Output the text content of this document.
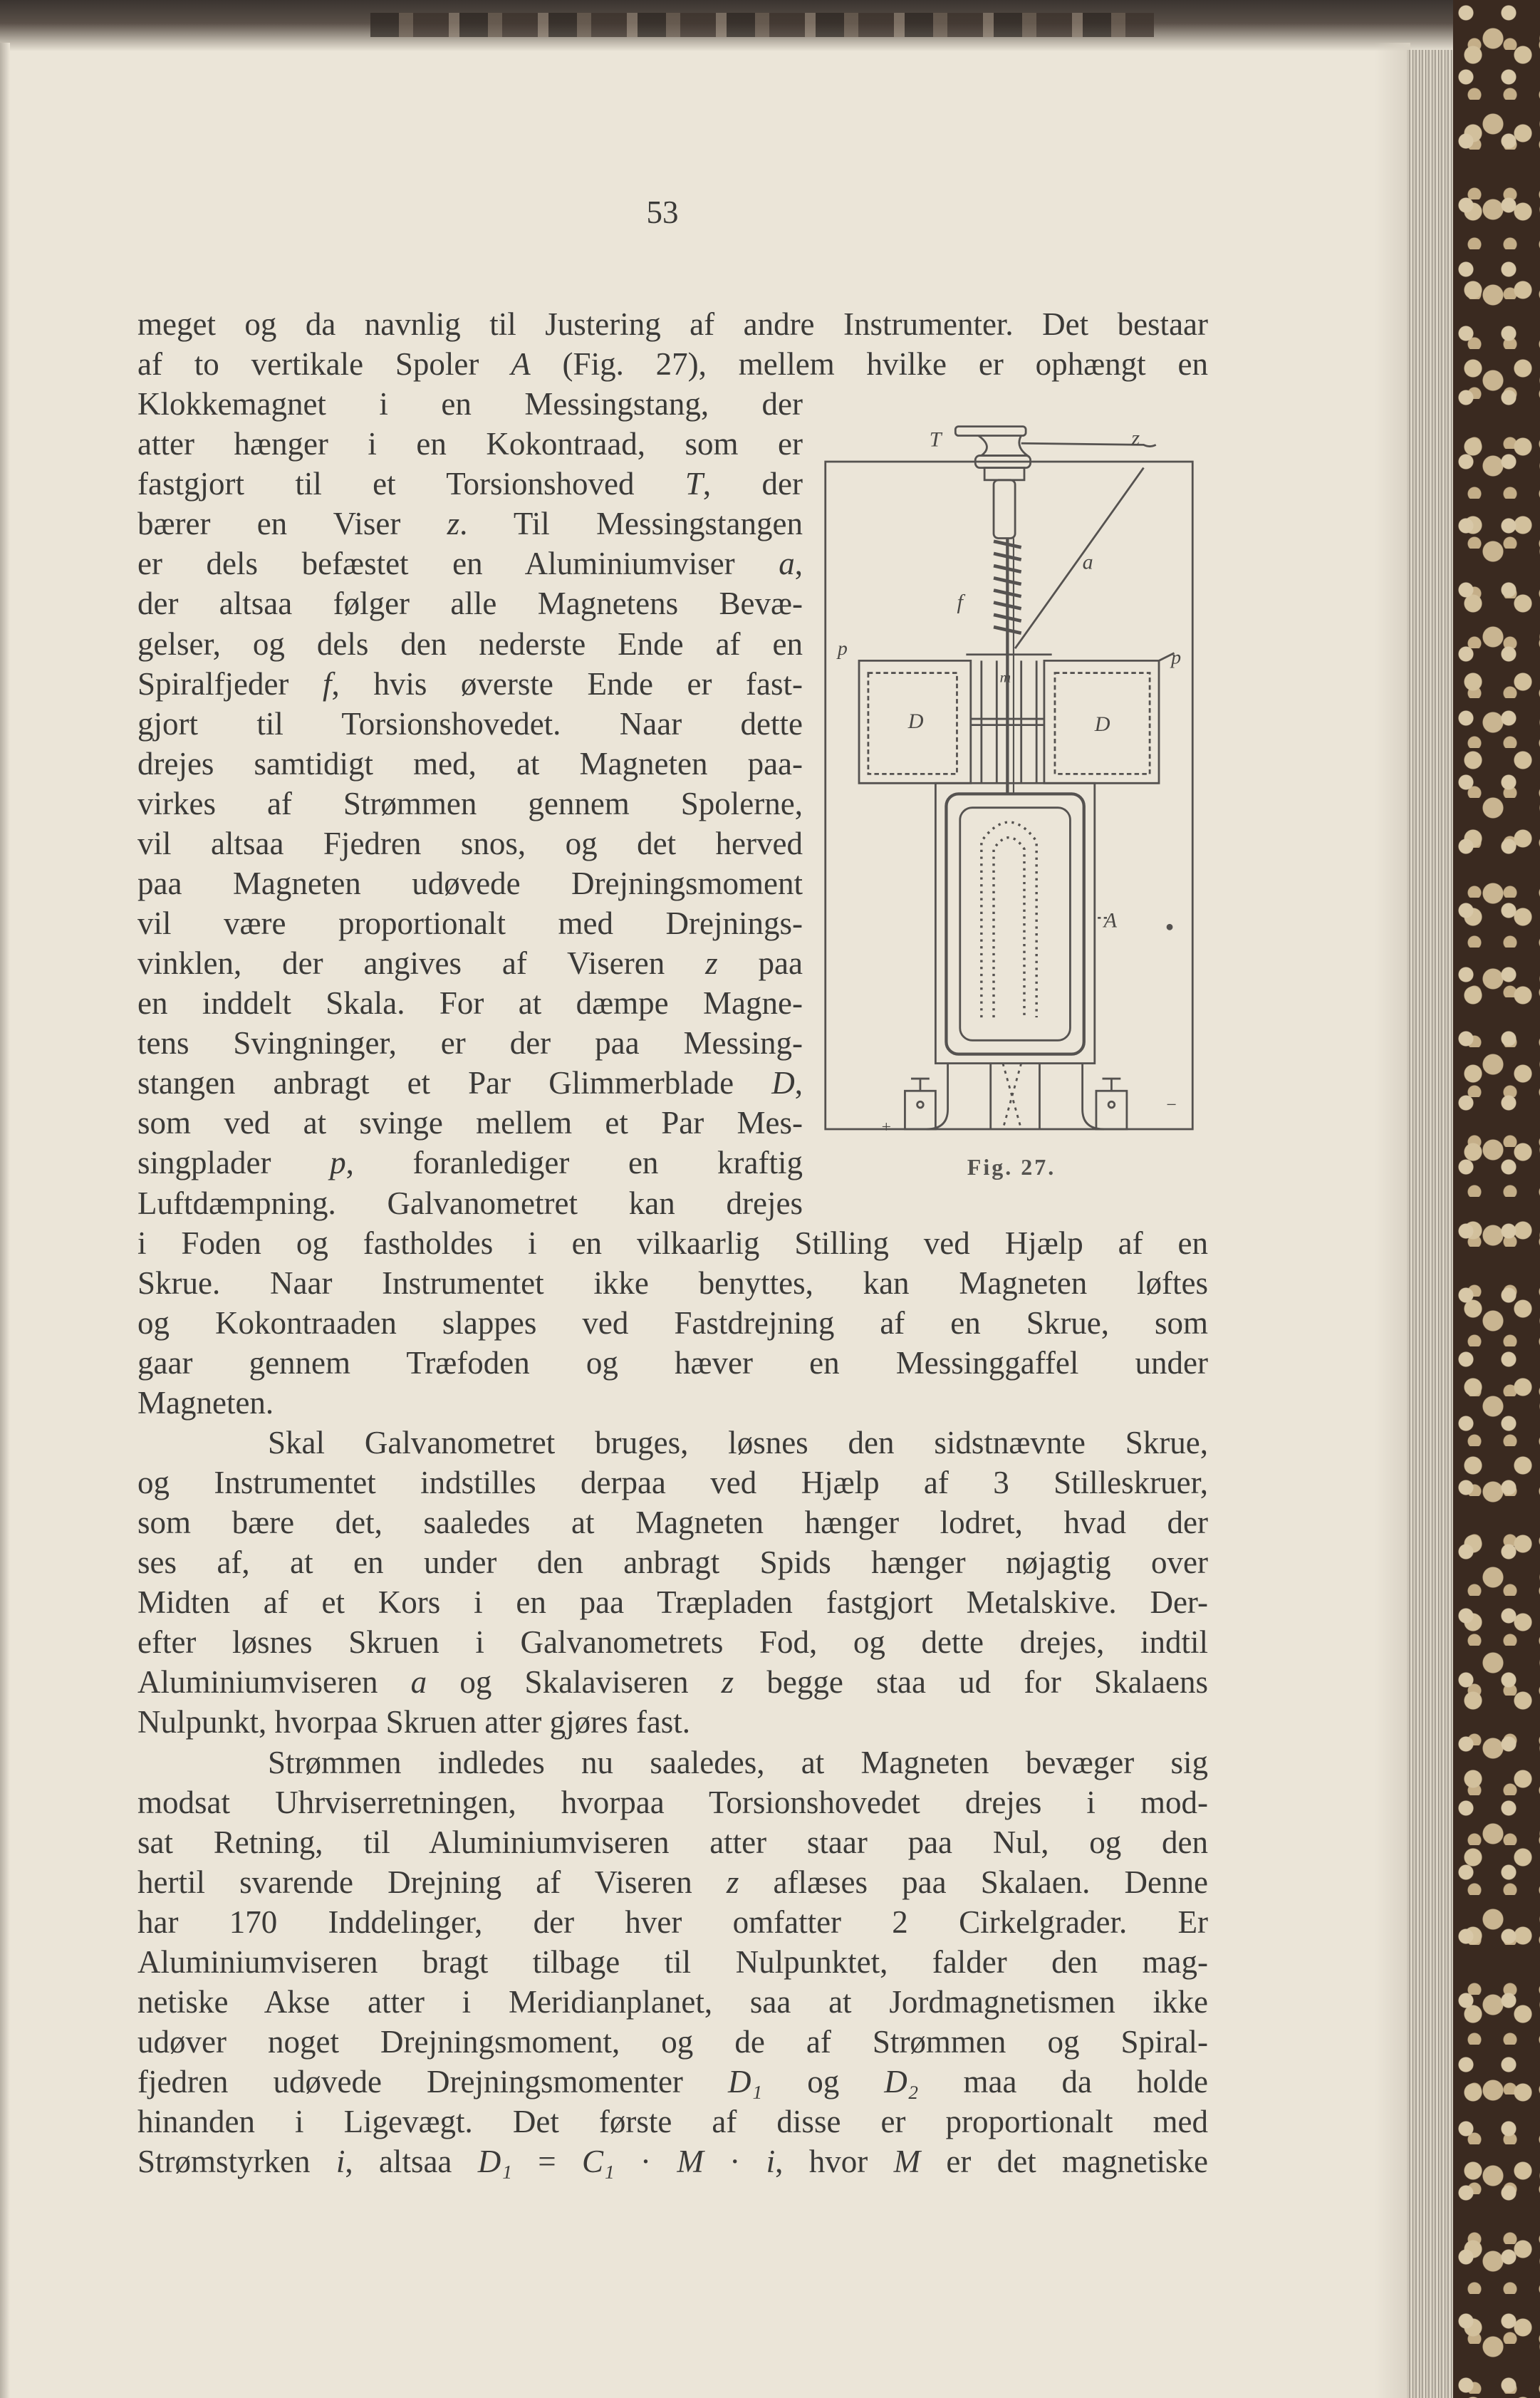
53
meget og da navnlig til Justering af andre Instrumenter. Det bestaar
af to vertikale Spoler A (Fig. 27), mellem hvilke er ophængt en
Klokkemagnet i en Messingstang, der
atter hænger i en Kokontraad, som er
fastgjort til et Torsionshoved T, der
bærer en Viser z. Til Messingstangen
er dels befæstet en Aluminiumviser a,
der altsaa følger alle Magnetens Bevæ-
gelser, og dels den nederste Ende af en
Spiralfjeder f, hvis øverste Ende er fast-
gjort til Torsionshovedet. Naar dette
drejes samtidigt med, at Magneten paa-
virkes af Strømmen gennem Spolerne,
vil altsaa Fjedren snos, og det herved
paa Magneten udøvede Drejningsmoment
vil være proportionalt med Drejnings-
vinklen, der angives af Viseren z paa
en inddelt Skala. For at dæmpe Magne-
tens Svingninger, er der paa Messing-
stangen anbragt et Par Glimmerblade D,
som ved at svinge mellem et Par Mes-
singplader p, foranlediger en kraftig
Luftdæmpning. Galvanometret kan drejes
i Foden og fastholdes i en vilkaarlig Stilling ved Hjælp af en
Skrue. Naar Instrumentet ikke benyttes, kan Magneten løftes
og Kokontraaden slappes ved Fastdrejning af en Skrue, som
gaar gennem Træfoden og hæver en Messinggaffel under
Magneten.
Skal Galvanometret bruges, løsnes den sidstnævnte Skrue,
og Instrumentet indstilles derpaa ved Hjælp af 3 Stilleskruer,
som bære det, saaledes at Magneten hænger lodret, hvad der
ses af, at en under den anbragt Spids hænger nøjagtig over
Midten af et Kors i en paa Træpladen fastgjort Metalskive. Der-
efter løsnes Skruen i Galvanometrets Fod, og dette drejes, indtil
Aluminiumviseren a og Skalaviseren z begge staa ud for Skalaens
Nulpunkt, hvorpaa Skruen atter gjøres fast.
Strømmen indledes nu saaledes, at Magneten bevæger sig
modsat Uhrviserretningen, hvorpaa Torsionshovedet drejes i mod-
sat Retning, til Aluminiumviseren atter staar paa Nul, og den
hertil svarende Drejning af Viseren z aflæses paa Skalaen. Denne
har 170 Inddelinger, der hver omfatter 2 Cirkelgrader. Er
Aluminiumviseren bragt tilbage til Nulpunktet, falder den mag-
netiske Akse atter i Meridianplanet, saa at Jordmagnetismen ikke
udøver noget Drejningsmoment, og de af Strømmen og Spiral-
fjedren udøvede Drejningsmomenter D₁ og D₂ maa da holde
hinanden i Ligevægt. Det første af disse er proportionalt med
Strømstyrken i, altsaa D₁ = C₁ · M · i, hvor M er det magnetiske
T	z
a
f
p	p
D	D
m
A
+
−
Fig. 27.
